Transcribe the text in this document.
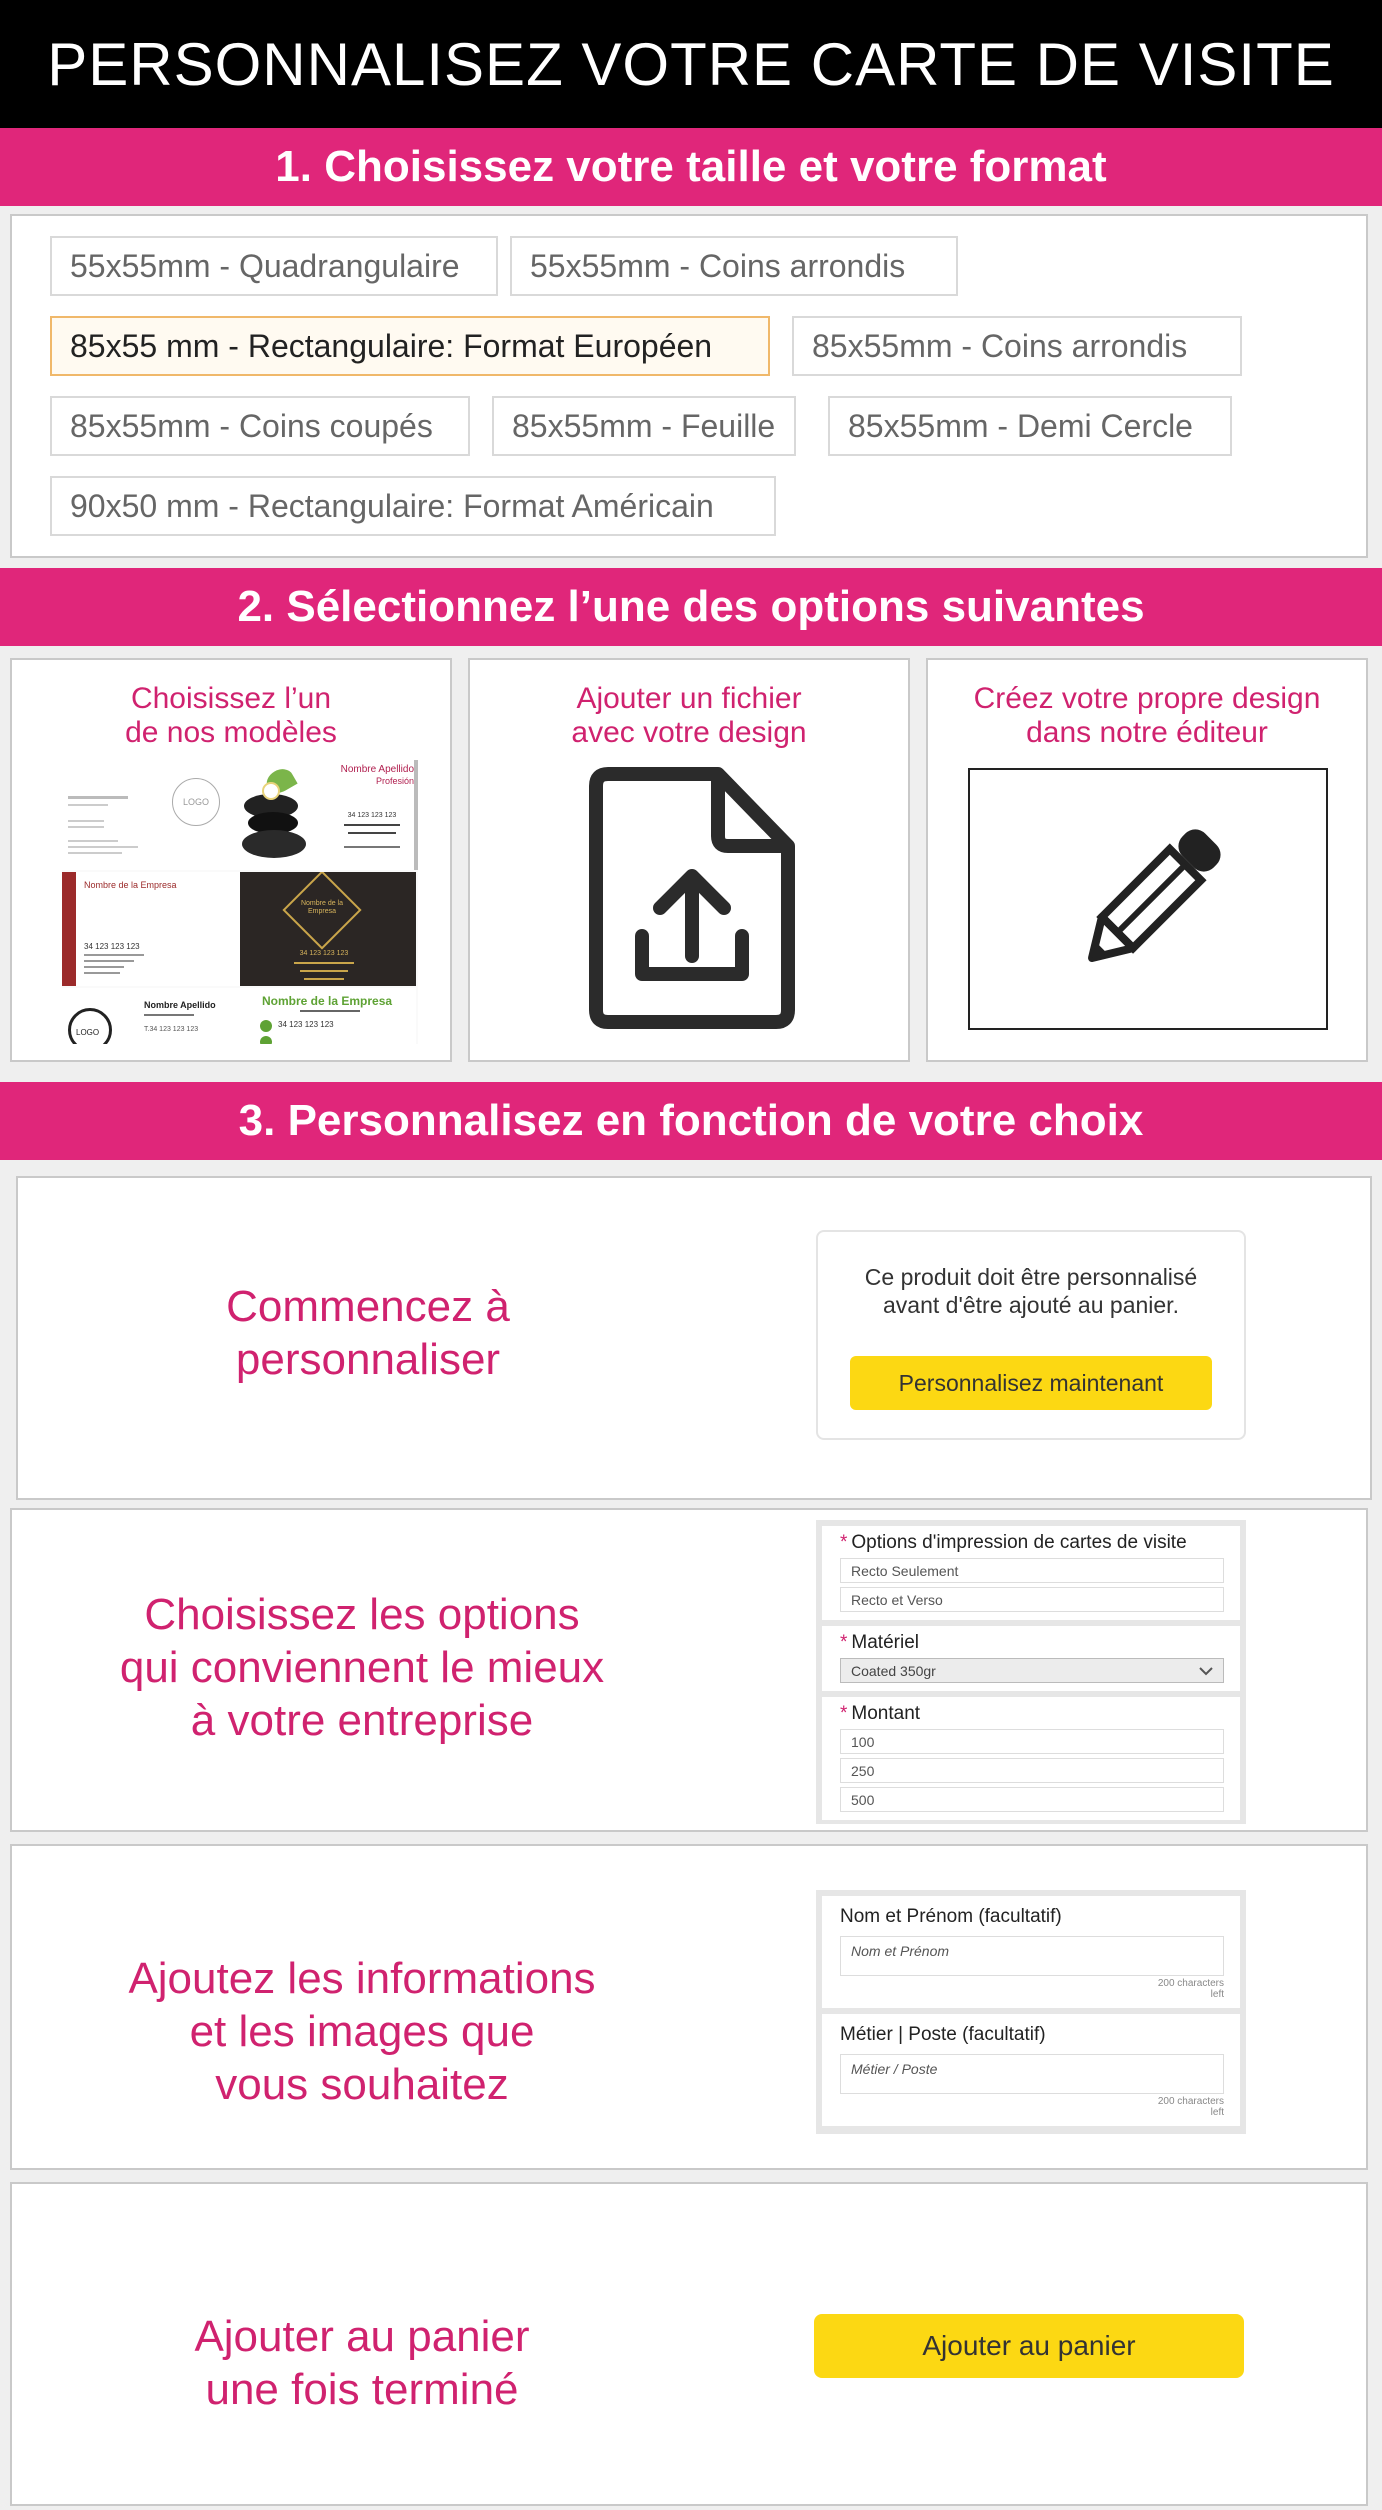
PERSONNALISEZ VOTRE CARTE DE VISITE
1. Choisissez votre taille et votre format
55x55mm - Quadrangulaire	55x55mm - Coins arrondis
85x55 mm - Rectangulaire: Format Européen	85x55mm - Coins arrondis
85x55mm - Coins coupés	85x55mm - Feuille	85x55mm - Demi Cercle
90x50 mm - Rectangulaire: Format Américain
2. Sélectionnez l’une des options suivantes
Choisissez l’un
de nos modèles
LOGO
Nombre Apellido
Profesión
34 123 123 123
Nombre de la Empresa
34 123 123 123
Nombre de la Empresa
34 123 123 123
LOGO
Nombre Apellido
T.34 123 123 123
Nombre de la Empresa
34 123 123 123
Ajouter un fichier
avec votre design
Créez votre propre design
dans notre éditeur
3. Personnalisez en fonction de votre choix
Commencez à
personnaliser
Ce produit doit être personnalisé
avant d'être ajouté au panier.
Personnalisez maintenant
Choisissez les options
qui conviennent le mieux
à votre entreprise
* Options d'impression de cartes de visite
Recto Seulement
Recto et Verso
* Matériel
Coated 350gr
* Montant
100
250
500
Ajoutez les informations
et les images que
vous souhaitez
Nom et Prénom (facultatif)
Nom et Prénom
200 characters
left
Métier | Poste (facultatif)
Métier / Poste
200 characters
left
Ajouter au panier
une fois terminé
Ajouter au panier
